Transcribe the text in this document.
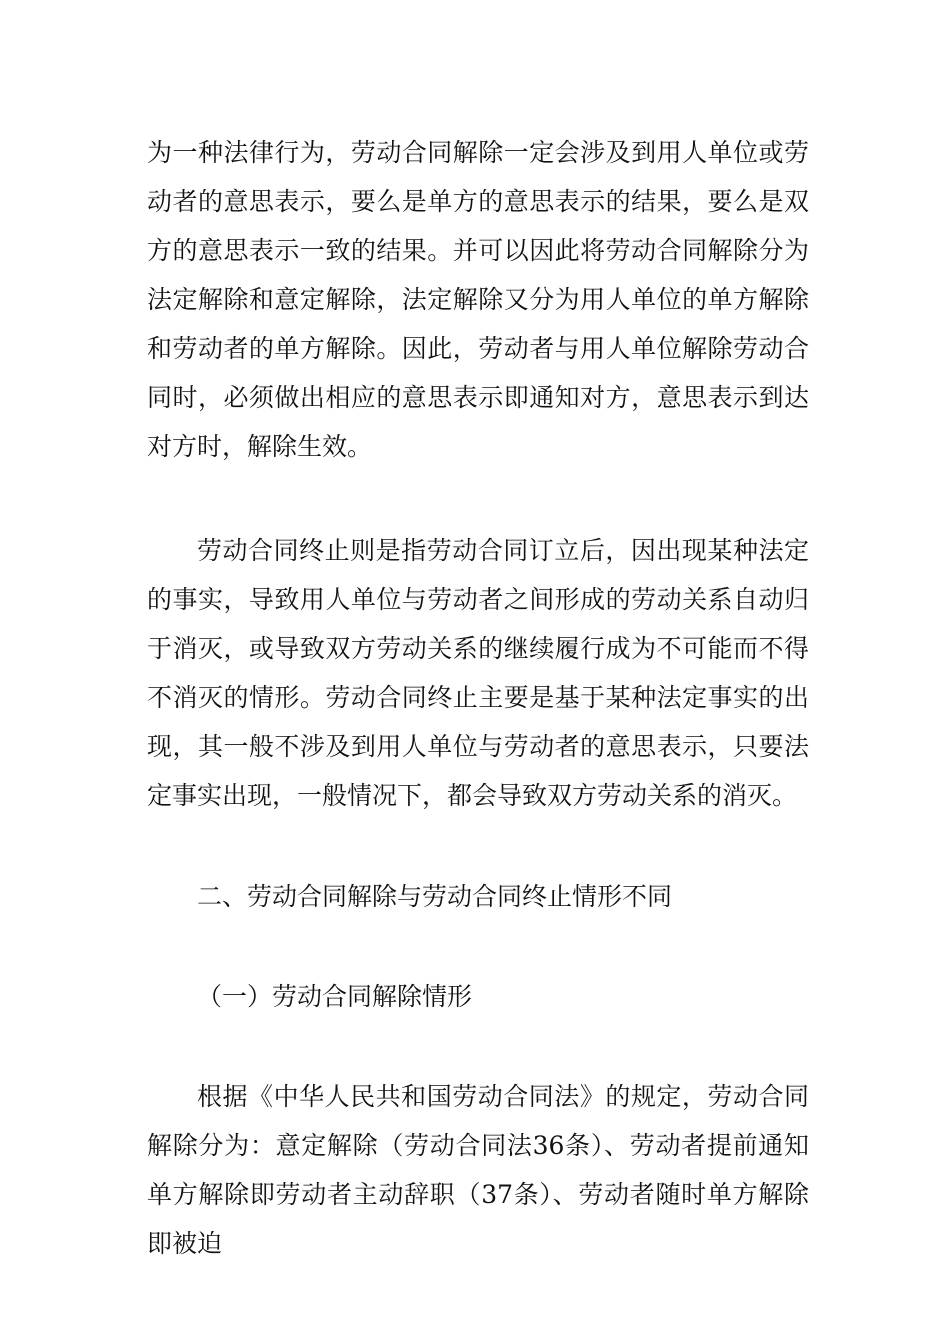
为一种法律行为，劳动合同解除一定会涉及到用人单位或劳动者的意思表示，要么是单方的意思表示的结果，要么是双方的意思表示一致的结果。并可以因此将劳动合同解除分为法定解除和意定解除，法定解除又分为用人单位的单方解除和劳动者的单方解除。因此，劳动者与用人单位解除劳动合同时，必须做出相应的意思表示即通知对方，意思表示到达对方时，解除生效。

劳动合同终止则是指劳动合同订立后，因出现某种法定的事实，导致用人单位与劳动者之间形成的劳动关系自动归于消灭，或导致双方劳动关系的继续履行成为不可能而不得不消灭的情形。劳动合同终止主要是基于某种法定事实的出现，其一般不涉及到用人单位与劳动者的意思表示，只要法定事实出现，一般情况下，都会导致双方劳动关系的消灭。

二、劳动合同解除与劳动合同终止情形不同

（一）劳动合同解除情形

根据《中华人民共和国劳动合同法》的规定，劳动合同解除分为：意定解除（劳动合同法36条）、劳动者提前通知单方解除即劳动者主动辞职（37条）、劳动者随时单方解除即被迫
